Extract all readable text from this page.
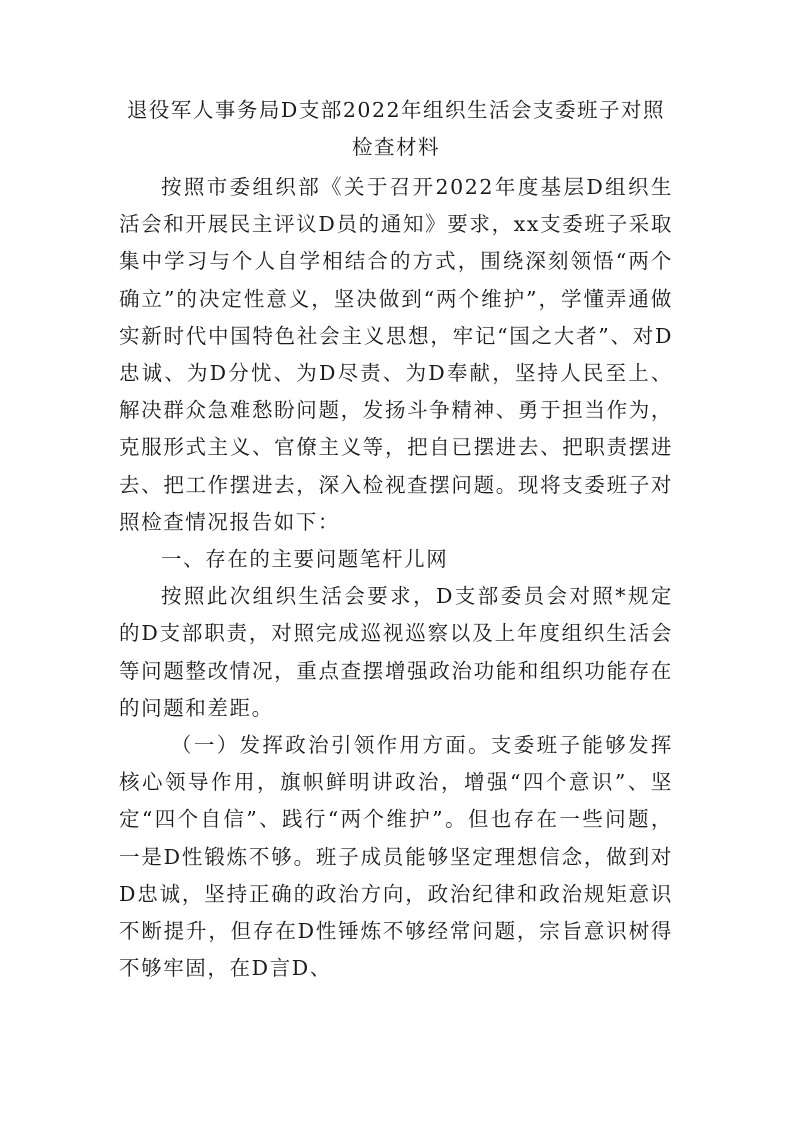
退役军人事务局D支部2022年组织生活会支委班子对照检查材料

按照市委组织部《关于召开2022年度基层D组织生活会和开展民主评议D员的通知》要求，xx支委班子采取集中学习与个人自学相结合的方式，围绕深刻领悟“两个确立”的决定性意义，坚决做到“两个维护”，学懂弄通做实新时代中国特色社会主义思想，牢记“国之大者”、对D忠诚、为D分忧、为D尽责、为D奉献，坚持人民至上、解决群众急难愁盼问题，发扬斗争精神、勇于担当作为，克服形式主义、官僚主义等，把自已摆进去、把职责摆进去、把工作摆进去，深入检视查摆问题。现将支委班子对照检查情况报告如下：

一、存在的主要问题笔杆儿网

按照此次组织生活会要求，D支部委员会对照*规定的D支部职责，对照完成巡视巡察以及上年度组织生活会等问题整改情况，重点查摆增强政治功能和组织功能存在的问题和差距。

（一）发挥政治引领作用方面。支委班子能够发挥核心领导作用，旗帜鲜明讲政治，增强“四个意识”、坚定“四个自信”、践行“两个维护”。但也存在一些问题，一是D性锻炼不够。班子成员能够坚定理想信念，做到对D忠诚，坚持正确的政治方向，政治纪律和政治规矩意识不断提升，但存在D性锤炼不够经常问题，宗旨意识树得不够牢固，在D言D、
